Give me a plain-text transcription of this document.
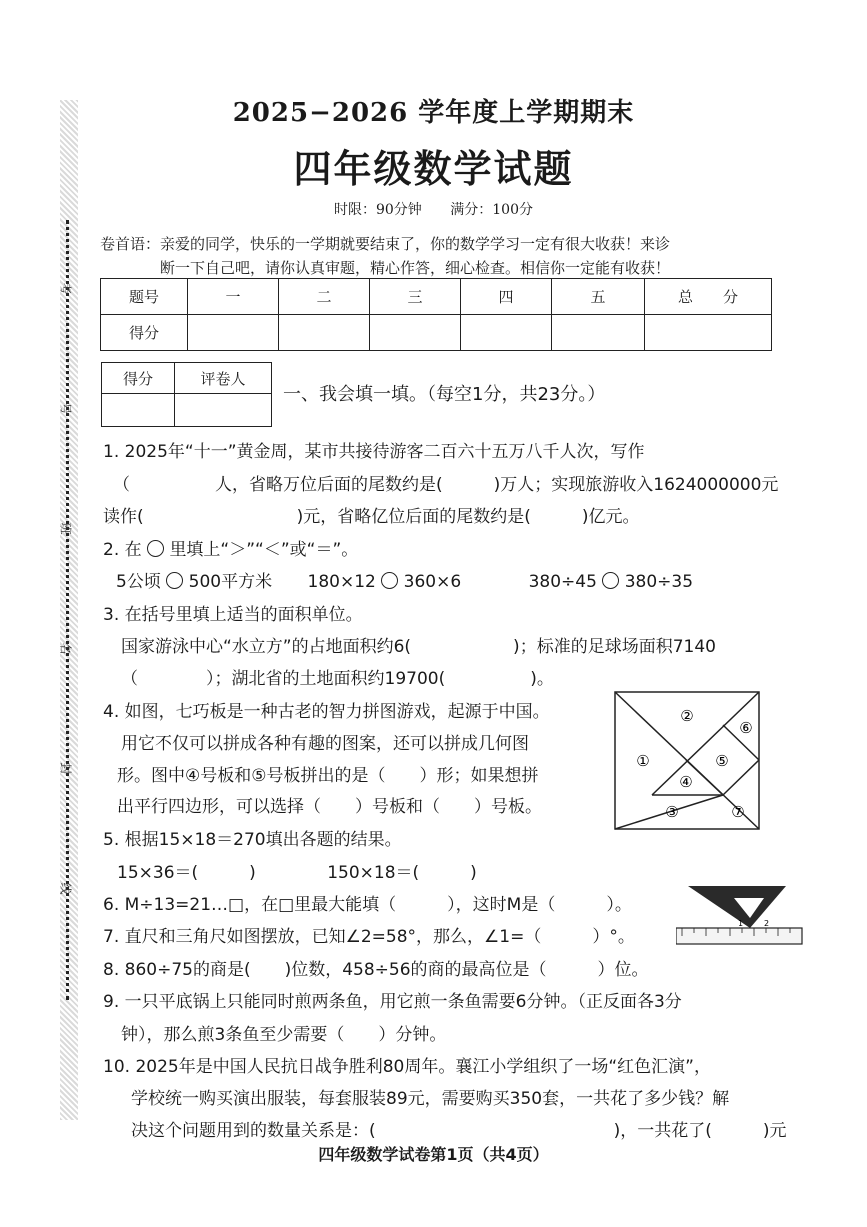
考
号
班
名
封
线
2025−2026 学年度上学期期末
四年级数学试题
时限：90分钟 满分：100分
卷首语：亲爱的同学，快乐的一学期就要结束了，你的数学学习一定有很大收获！来诊
断一下自己吧，请你认真审题，精心作答，细心检查。相信你一定能有收获！
题号	一	二	三	四	五	总　　分
得分						
得分	评卷人

一、我会填一填。（每空1分，共23分。）
1. 2025年“十一”黄金周，某市共接待游客二百六十五万八千人次，写作
（　　　　　人，省略万位后面的尾数约是(　　　)万人；实现旅游收入1624000000元
读作(　　　　　　　　　)元，省略亿位后面的尾数约是(　　　)亿元。
2. 在 里填上“＞”“＜”或“＝”。
5公顷 500平方米 180×12 360×6	380÷45 380÷35
3. 在括号里填上适当的面积单位。
国家游泳中心“水立方”的占地面积约6(　　　　　　)；标准的足球场面积7140
（　　　　）；湖北省的土地面积约19700(　　　　　)。
4. 如图，七巧板是一种古老的智力拼图游戏，起源于中国。
用它不仅可以拼成各种有趣的图案，还可以拼成几何图
形。图中④号板和⑤号板拼出的是（　　）形；如果想拼
出平行四边形，可以选择（　　）号板和（　　）号板。
①
②
③
④
⑤
⑥
⑦
5. 根据15×18＝270填出各题的结果。
15×36＝(　　　)	150×18＝(　　　)
6. M÷13=21…□，在□里最大能填（　　　），这时M是（　　　）。
7. 直尺和三角尺如图摆放，已知∠2=58°，那么，∠1=（　　　）°。
1	2
8. 860÷75的商是(　　)位数，458÷56的商的最高位是（　　　）位。
9. 一只平底锅上只能同时煎两条鱼，用它煎一条鱼需要6分钟。（正反面各3分
钟），那么煎3条鱼至少需要（　　）分钟。
10. 2025年是中国人民抗日战争胜利80周年。襄江小学组织了一场“红色汇演”，
学校统一购买演出服装，每套服装89元，需要购买350套，一共花了多少钱？解
决这个问题用到的数量关系是：(　　　　　　　　　　　　　　)，一共花了(　　　)元
四年级数学试卷第1页（共4页）
